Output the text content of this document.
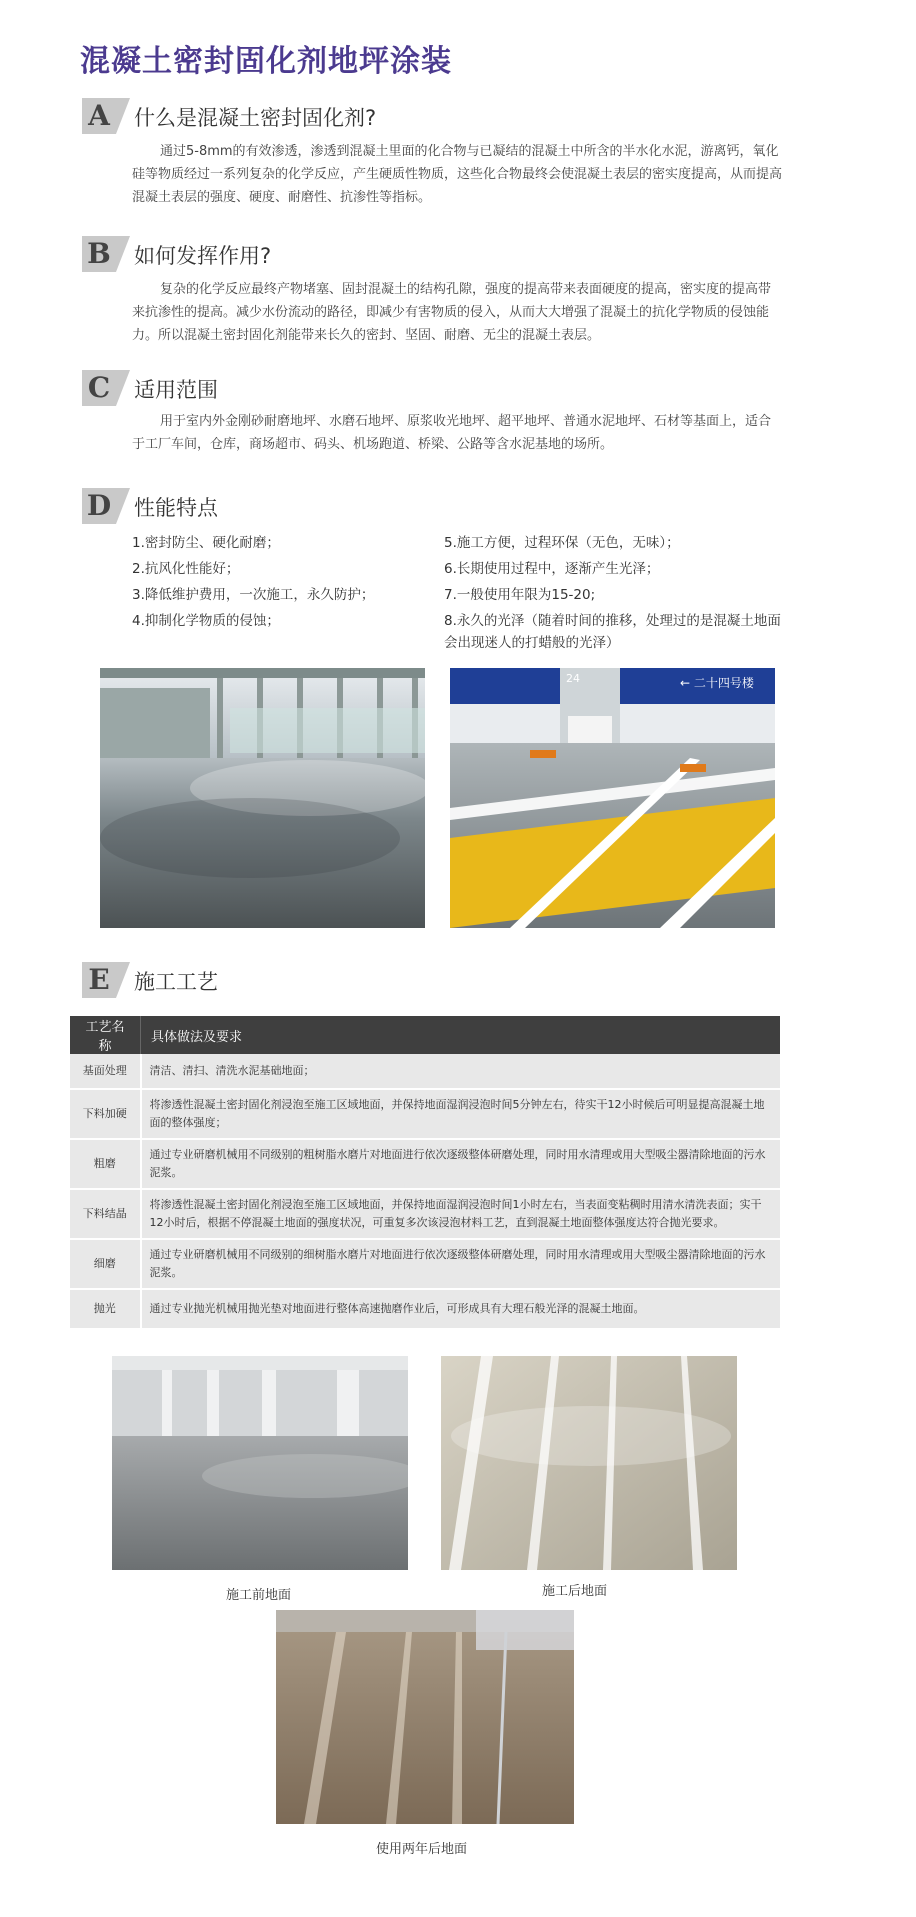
混凝土密封固化剂地坪涂装
A 什么是混凝土密封固化剂?
通过5-8mm的有效渗透，渗透到混凝土里面的化合物与已凝结的混凝土中所含的半水化水泥，游离钙，氧化硅等物质经过一系列复杂的化学反应，产生硬质性物质，这些化合物最终会使混凝土表层的密实度提高，从而提高混凝土表层的强度、硬度、耐磨性、抗渗性等指标。
B 如何发挥作用?
复杂的化学反应最终产物堵塞、固封混凝土的结构孔隙，强度的提高带来表面硬度的提高，密实度的提高带来抗渗性的提高。减少水份流动的路径，即减少有害物质的侵入，从而大大增强了混凝土的抗化学物质的侵蚀能力。所以混凝土密封固化剂能带来长久的密封、坚固、耐磨、无尘的混凝土表层。
C 适用范围
用于室内外金刚砂耐磨地坪、水磨石地坪、原浆收光地坪、超平地坪、普通水泥地坪、石材等基面上，适合于工厂车间，仓库，商场超市、码头、机场跑道、桥梁、公路等含水泥基地的场所。
D 性能特点
1.密封防尘、硬化耐磨；
2.抗风化性能好；
3.降低维护费用，一次施工，永久防护；
4.抑制化学物质的侵蚀；
5.施工方便，过程环保（无色，无味）；
6.长期使用过程中，逐渐产生光泽；
7.一般使用年限为15-20;
8.永久的光泽（随着时间的推移，处理过的是混凝土地面会出现迷人的打蜡般的光泽）
← 二十四号楼
24
E	施工工艺
工艺名称	具体做法及要求
基面处理	清洁、清扫、清洗水泥基础地面；
下料加硬	将渗透性混凝土密封固化剂浸泡至施工区域地面，并保持地面湿润浸泡时间5分钟左右，待实干12小时候后可明显提高混凝土地面的整体强度；
粗磨	通过专业研磨机械用不同级别的粗树脂水磨片对地面进行依次逐级整体研磨处理，同时用水清理或用大型吸尘器清除地面的污水泥浆。
下料结晶	将渗透性混凝土密封固化剂浸泡至施工区域地面，并保持地面湿润浸泡时间1小时左右，当表面变粘稠时用清水清洗表面；实干12小时后，根据不停混凝土地面的强度状况，可重复多次该浸泡材料工艺，直到混凝土地面整体强度达符合抛光要求。
细磨	通过专业研磨机械用不同级别的细树脂水磨片对地面进行依次逐级整体研磨处理，同时用水清理或用大型吸尘器清除地面的污水泥浆。
抛光	通过专业抛光机械用抛光垫对地面进行整体高速抛磨作业后，可形成具有大理石般光泽的混凝土地面。
施工前地面	施工后地面
使用两年后地面
